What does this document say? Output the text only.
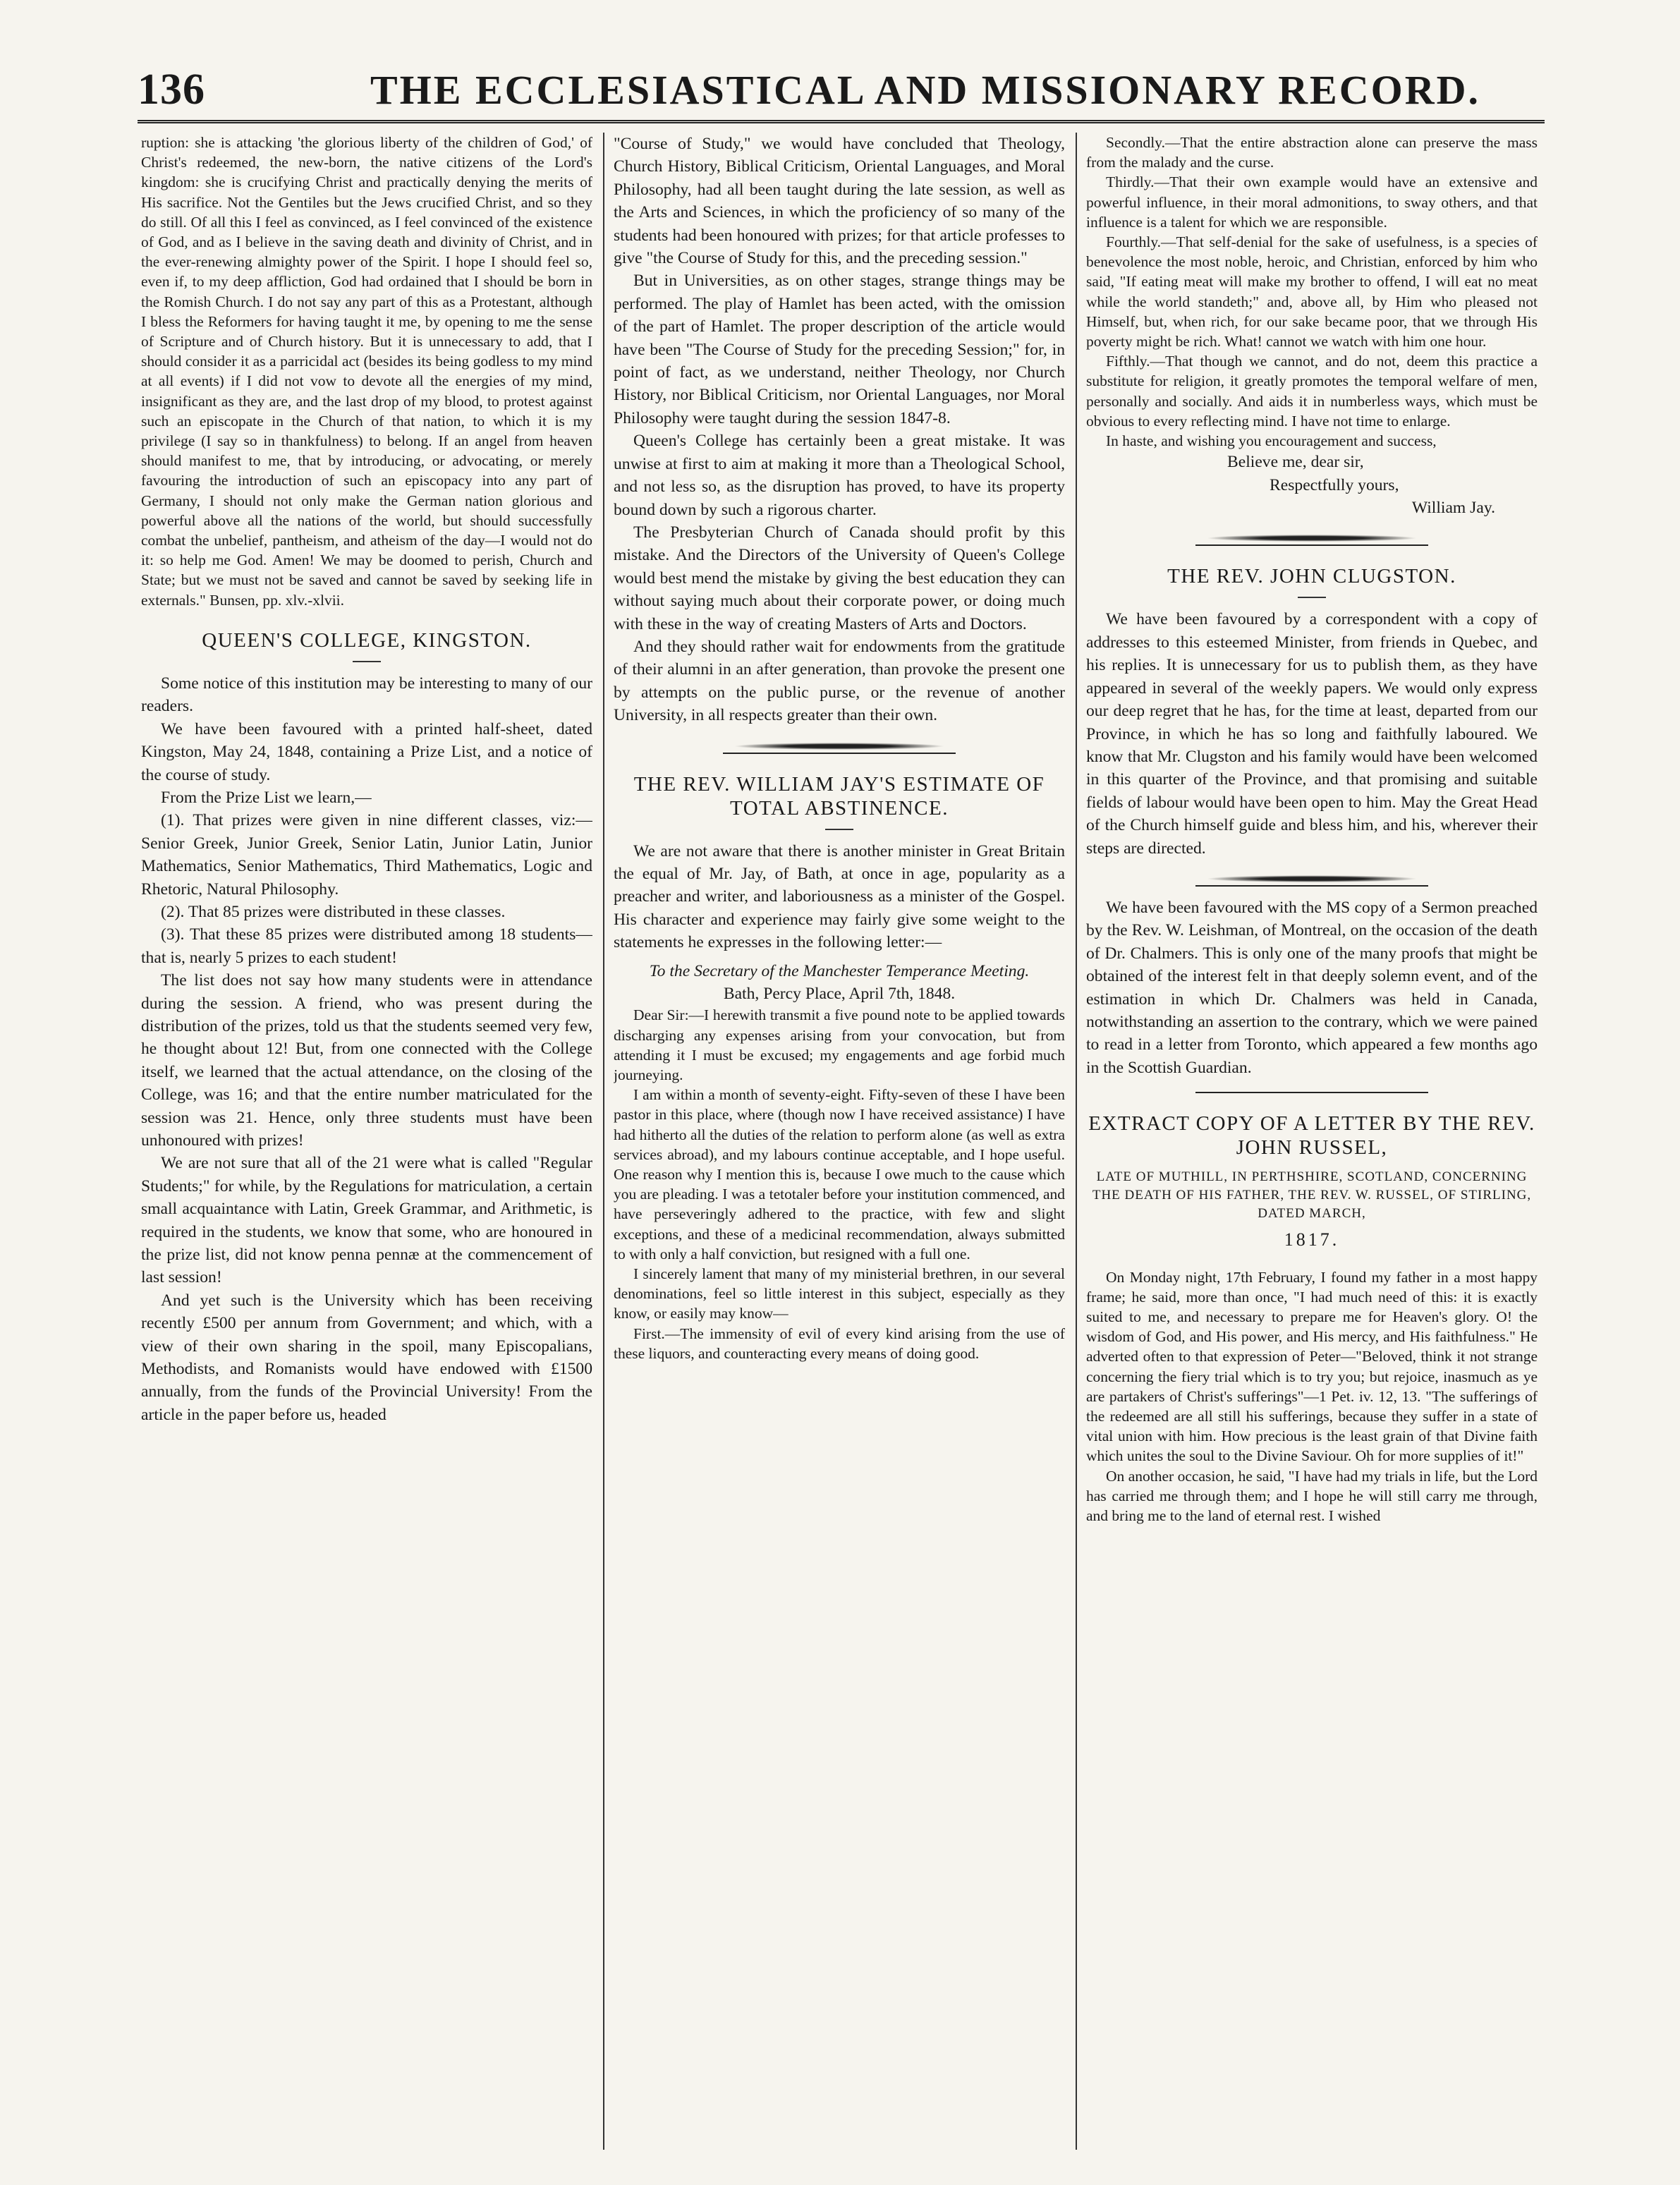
136	THE ECCLESIASTICAL AND MISSIONARY RECORD.

ruption: she is attacking 'the glorious liberty of the children of God,' of Christ's redeemed, the new-born, the native citizens of the Lord's kingdom: she is crucifying Christ and practically denying the merits of His sacrifice. Not the Gentiles but the Jews crucified Christ, and so they do still. Of all this I feel as convinced, as I feel convinced of the existence of God, and as I believe in the saving death and divinity of Christ, and in the ever-renewing almighty power of the Spirit. I hope I should feel so, even if, to my deep affliction, God had ordained that I should be born in the Romish Church. I do not say any part of this as a Protestant, although I bless the Reformers for having taught it me, by opening to me the sense of Scripture and of Church history. But it is unnecessary to add, that I should consider it as a parricidal act (besides its being godless to my mind at all events) if I did not vow to devote all the energies of my mind, insignificant as they are, and the last drop of my blood, to protest against such an episcopate in the Church of that nation, to which it is my privilege (I say so in thankfulness) to belong. If an angel from heaven should manifest to me, that by introducing, or advocating, or merely favouring the introduction of such an episcopacy into any part of Germany, I should not only make the German nation glorious and powerful above all the nations of the world, but should successfully combat the unbelief, pantheism, and atheism of the day—I would not do it: so help me God. Amen! We may be doomed to perish, Church and State; but we must not be saved and cannot be saved by seeking life in externals." Bunsen, pp. xlv.-xlvii.

QUEEN'S COLLEGE, KINGSTON.

Some notice of this institution may be interesting to many of our readers.

We have been favoured with a printed half-sheet, dated Kingston, May 24, 1848, containing a Prize List, and a notice of the course of study.

From the Prize List we learn,—

(1). That prizes were given in nine different classes, viz:—Senior Greek, Junior Greek, Senior Latin, Junior Latin, Junior Mathematics, Senior Mathematics, Third Mathematics, Logic and Rhetoric, Natural Philosophy.

(2). That 85 prizes were distributed in these classes.

(3). That these 85 prizes were distributed among 18 students—that is, nearly 5 prizes to each student!

The list does not say how many students were in attendance during the session. A friend, who was present during the distribution of the prizes, told us that the students seemed very few, he thought about 12! But, from one connected with the College itself, we learned that the actual attendance, on the closing of the College, was 16; and that the entire number matriculated for the session was 21. Hence, only three students must have been unhonoured with prizes!

We are not sure that all of the 21 were what is called "Regular Students;" for while, by the Regulations for matriculation, a certain small acquaintance with Latin, Greek Grammar, and Arithmetic, is required in the students, we know that some, who are honoured in the prize list, did not know penna pennæ at the commencement of last session!

And yet such is the University which has been receiving recently £500 per annum from Government; and which, with a view of their own sharing in the spoil, many Episcopalians, Methodists, and Romanists would have endowed with £1500 annually, from the funds of the Provincial University! From the article in the paper before us, headed

"Course of Study," we would have concluded that Theology, Church History, Biblical Criticism, Oriental Languages, and Moral Philosophy, had all been taught during the late session, as well as the Arts and Sciences, in which the proficiency of so many of the students had been honoured with prizes; for that article professes to give "the Course of Study for this, and the preceding session."

But in Universities, as on other stages, strange things may be performed. The play of Hamlet has been acted, with the omission of the part of Hamlet. The proper description of the article would have been "The Course of Study for the preceding Session;" for, in point of fact, as we understand, neither Theology, nor Church History, nor Biblical Criticism, nor Oriental Languages, nor Moral Philosophy were taught during the session 1847-8.

Queen's College has certainly been a great mistake. It was unwise at first to aim at making it more than a Theological School, and not less so, as the disruption has proved, to have its property bound down by such a rigorous charter.

The Presbyterian Church of Canada should profit by this mistake. And the Directors of the University of Queen's College would best mend the mistake by giving the best education they can without saying much about their corporate power, or doing much with these in the way of creating Masters of Arts and Doctors.

And they should rather wait for endowments from the gratitude of their alumni in an after generation, than provoke the present one by attempts on the public purse, or the revenue of another University, in all respects greater than their own.

THE REV. WILLIAM JAY'S ESTIMATE OF TOTAL ABSTINENCE.

We are not aware that there is another minister in Great Britain the equal of Mr. Jay, of Bath, at once in age, popularity as a preacher and writer, and laboriousness as a minister of the Gospel. His character and experience may fairly give some weight to the statements he expresses in the following letter:—

To the Secretary of the Manchester Temperance Meeting.

Bath, Percy Place, April 7th, 1848.

Dear Sir:—I herewith transmit a five pound note to be applied towards discharging any expenses arising from your convocation, but from attending it I must be excused; my engagements and age forbid much journeying.

I am within a month of seventy-eight. Fifty-seven of these I have been pastor in this place, where (though now I have received assistance) I have had hitherto all the duties of the relation to perform alone (as well as extra services abroad), and my labours continue acceptable, and I hope useful. One reason why I mention this is, because I owe much to the cause which you are pleading. I was a tetotaler before your institution commenced, and have perseveringly adhered to the practice, with few and slight exceptions, and these of a medicinal recommendation, always submitted to with only a half conviction, but resigned with a full one.

I sincerely lament that many of my ministerial brethren, in our several denominations, feel so little interest in this subject, especially as they know, or easily may know—

First.—The immensity of evil of every kind arising from the use of these liquors, and counteracting every means of doing good.

Secondly.—That the entire abstraction alone can preserve the mass from the malady and the curse.

Thirdly.—That their own example would have an extensive and powerful influence, in their moral admonitions, to sway others, and that influence is a talent for which we are responsible.

Fourthly.—That self-denial for the sake of usefulness, is a species of benevolence the most noble, heroic, and Christian, enforced by him who said, "If eating meat will make my brother to offend, I will eat no meat while the world standeth;" and, above all, by Him who pleased not Himself, but, when rich, for our sake became poor, that we through His poverty might be rich. What! cannot we watch with him one hour.

Fifthly.—That though we cannot, and do not, deem this practice a substitute for religion, it greatly promotes the temporal welfare of men, personally and socially. And aids it in numberless ways, which must be obvious to every reflecting mind. I have not time to enlarge.

In haste, and wishing you encouragement and success,

Believe me, dear sir,

Respectfully yours,

William Jay.

THE REV. JOHN CLUGSTON.

We have been favoured by a correspondent with a copy of addresses to this esteemed Minister, from friends in Quebec, and his replies. It is unnecessary for us to publish them, as they have appeared in several of the weekly papers. We would only express our deep regret that he has, for the time at least, departed from our Province, in which he has so long and faithfully laboured. We know that Mr. Clugston and his family would have been welcomed in this quarter of the Province, and that promising and suitable fields of labour would have been open to him. May the Great Head of the Church himself guide and bless him, and his, wherever their steps are directed.

We have been favoured with the MS copy of a Sermon preached by the Rev. W. Leishman, of Montreal, on the occasion of the death of Dr. Chalmers. This is only one of the many proofs that might be obtained of the interest felt in that deeply solemn event, and of the estimation in which Dr. Chalmers was held in Canada, notwithstanding an assertion to the contrary, which we were pained to read in a letter from Toronto, which appeared a few months ago in the Scottish Guardian.

EXTRACT COPY OF A LETTER BY THE REV. JOHN RUSSEL,

LATE OF MUTHILL, IN PERTHSHIRE, SCOTLAND, CONCERNING THE DEATH OF HIS FATHER, THE REV. W. RUSSEL, OF STIRLING, DATED MARCH,

1817.

On Monday night, 17th February, I found my father in a most happy frame; he said, more than once, "I had much need of this: it is exactly suited to me, and necessary to prepare me for Heaven's glory. O! the wisdom of God, and His power, and His mercy, and His faithfulness." He adverted often to that expression of Peter—"Beloved, think it not strange concerning the fiery trial which is to try you; but rejoice, inasmuch as ye are partakers of Christ's sufferings"—1 Pet. iv. 12, 13. "The sufferings of the redeemed are all still his sufferings, because they suffer in a state of vital union with him. How precious is the least grain of that Divine faith which unites the soul to the Divine Saviour. Oh for more supplies of it!"

On another occasion, he said, "I have had my trials in life, but the Lord has carried me through them; and I hope he will still carry me through, and bring me to the land of eternal rest. I wished
